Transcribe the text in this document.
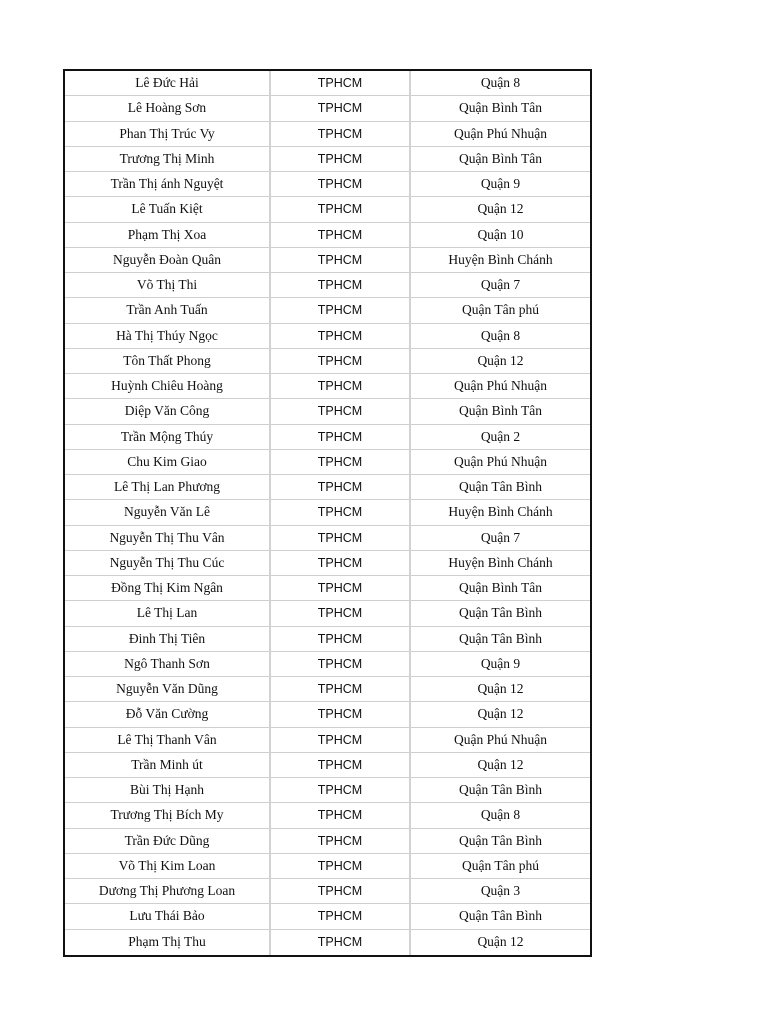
Lê Đức Hải	TPHCM	Quận 8
Lê Hoàng Sơn	TPHCM	Quận Bình Tân
Phan Thị Trúc Vy	TPHCM	Quận Phú Nhuận
Trương Thị Minh	TPHCM	Quận Bình Tân
Trần Thị ánh Nguyệt	TPHCM	Quận 9
Lê Tuấn Kiệt	TPHCM	Quận 12
Phạm Thị Xoa	TPHCM	Quận 10
Nguyễn Đoàn Quân	TPHCM	Huyện Bình Chánh
Võ Thị Thi	TPHCM	Quận 7
Trần Anh Tuấn	TPHCM	Quận Tân phú
Hà Thị Thúy Ngọc	TPHCM	Quận 8
Tôn Thất Phong	TPHCM	Quận 12
Huỳnh Chiêu Hoàng	TPHCM	Quận Phú Nhuận
Diệp Văn Công	TPHCM	Quận Bình Tân
Trần Mộng Thúy	TPHCM	Quận 2
Chu Kim Giao	TPHCM	Quận Phú Nhuận
Lê Thị Lan Phương	TPHCM	Quận Tân Bình
Nguyễn Văn Lê	TPHCM	Huyện Bình Chánh
Nguyễn Thị Thu Vân	TPHCM	Quận 7
Nguyễn Thị Thu Cúc	TPHCM	Huyện Bình Chánh
Đồng Thị Kim Ngân	TPHCM	Quận Bình Tân
Lê Thị Lan	TPHCM	Quận Tân Bình
Đinh Thị Tiên	TPHCM	Quận Tân Bình
Ngô Thanh Sơn	TPHCM	Quận 9
Nguyễn Văn Dũng	TPHCM	Quận 12
Đỗ Văn Cường	TPHCM	Quận 12
Lê Thị Thanh Vân	TPHCM	Quận Phú Nhuận
Trần Minh út	TPHCM	Quận 12
Bùi Thị Hạnh	TPHCM	Quận Tân Bình
Trương Thị Bích My	TPHCM	Quận 8
Trần Đức Dũng	TPHCM	Quận Tân Bình
Võ Thị Kim Loan	TPHCM	Quận Tân phú
Dương Thị Phương Loan	TPHCM	Quận 3
Lưu Thái Bảo	TPHCM	Quận Tân Bình
Phạm Thị Thu	TPHCM	Quận 12
